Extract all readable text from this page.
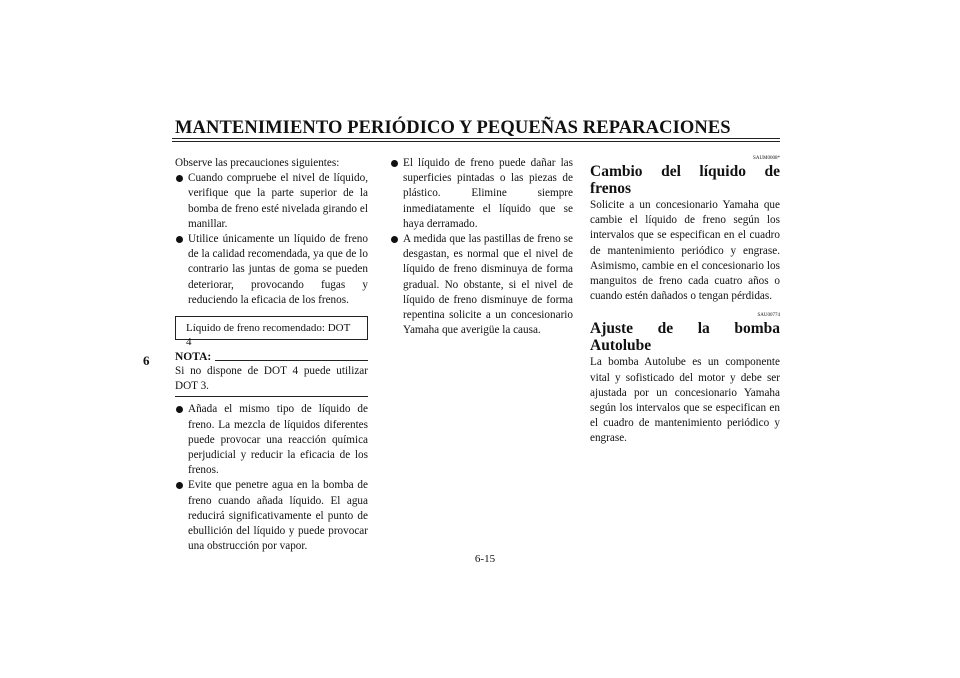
MANTENIMIENTO PERIÓDICO Y PEQUEÑAS REPARACIONES
6

Observe las precauciones siguientes:

Cuando compruebe el nivel de líquido, verifique que la parte superior de la bomba de freno esté nivelada girando el manillar.
Utilice únicamente un líquido de freno de la calidad recomendada, ya que de lo contrario las juntas de goma se pueden deteriorar, provocando fugas y reduciendo la eficacia de los frenos.
Líquido de freno recomendado: DOT 4
NOTA:

Si no dispone de DOT 4 puede utilizar DOT 3.

Añada el mismo tipo de líquido de freno. La mezcla de líquidos diferentes puede provocar una reacción química perjudicial y reducir la eficacia de los frenos.
Evite que penetre agua en la bomba de freno cuando añada líquido. El agua reducirá significativamente el punto de ebullición del líquido y puede provocar una obstrucción por vapor.
El líquido de freno puede dañar las superficies pintadas o las piezas de plástico. Elimine siempre inmediatamente el líquido que se haya derramado.
A medida que las pastillas de freno se desgastan, es normal que el nivel de líquido de freno disminuya de forma gradual. No obstante, si el nivel de líquido de freno disminuye de forma repentina solicite a un concesionario Yamaha que averigüe la causa.
SAUM0008*
Cambio del líquido de frenos

Solicite a un concesionario Yamaha que cambie el líquido de freno según los intervalos que se especifican en el cuadro de mantenimiento periódico y engrase. Asimismo, cambie en el concesionario los manguitos de freno cada cuatro años o cuando estén dañados o tengan pérdidas.

SAU00774
Ajuste de la bomba Autolube

La bomba Autolube es un componente vital y sofisticado del motor y debe ser ajustada por un concesionario Yamaha según los intervalos que se especifican en el cuadro de mantenimiento periódico y engrase.

6-15
